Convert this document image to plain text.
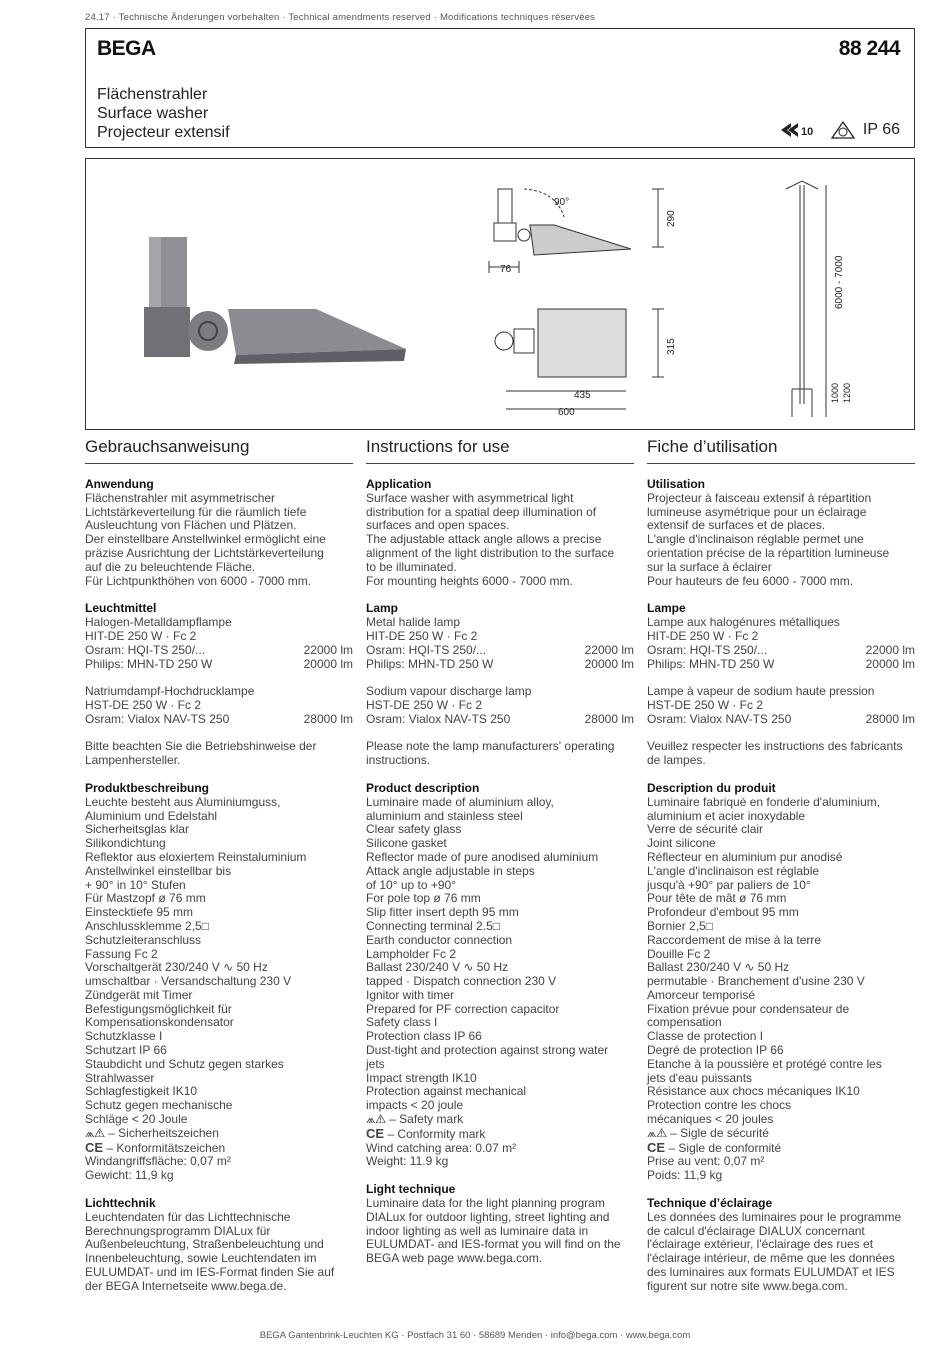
24.17 · Technische Änderungen vorbehalten · Technical amendments reserved · Modifications techniques réservées
BEGA	88 244
Flächenstrahler
Surface washer
Projecteur extensif	10	IP 66
90°
76
290
315
435
600
6000 - 7000
1000 1200
Gebrauchsanweisung
Anwendung

Flächenstrahler mit asymmetrischer

Lichtstärkeverteilung für die räumlich tiefe

Ausleuchtung von Flächen und Plätzen.

Der einstellbare Anstellwinkel ermöglicht eine

präzise Ausrichtung der Lichtstärkeverteilung

auf die zu beleuchtende Fläche.

Für Lichtpunkthöhen von 6000 - 7000 mm.

Leuchtmittel

Halogen-Metalldampflampe

HIT-DE 250 W · Fc 2

Osram: HQI-TS 250/...	22000 lm
Philips: MHN-TD 250 W	20000 lm

Natriumdampf-Hochdrucklampe

HST-DE 250 W · Fc 2

Osram: Vialox NAV-TS 250	28000 lm

Bitte beachten Sie die Betriebshinweise der

Lampenhersteller.

Produktbeschreibung

Leuchte besteht aus Aluminiumguss,

Aluminium und Edelstahl

Sicherheitsglas klar

Silikondichtung

Reflektor aus eloxiertem Reinstaluminium

Anstellwinkel einstellbar bis

+ 90° in 10° Stufen

Für Mastzopf ø 76 mm

Einstecktiefe 95 mm

Anschlussklemme 2,5□

Schutzleiteranschluss

Fassung Fc 2

Vorschaltgerät 230/240 V ∿ 50 Hz

umschaltbar · Versandschaltung 230 V

Zündgerät mit Timer

Befestigungsmöglichkeit für

Kompensationskondensator

Schutzklasse I

Schutzart IP 66

Staubdicht und Schutz gegen starkes

Strahlwasser

Schlagfestigkeit IK10

Schutz gegen mechanische

Schläge < 20 Joule

⩕⚠ – Sicherheitszeichen

CE – Konformitätszeichen

Windangriffsfläche: 0,07 m²

Gewicht: 11,9 kg

Lichttechnik

Leuchtendaten für das Lichttechnische

Berechnungsprogramm DIALux für

Außenbeleuchtung, Straßenbeleuchtung und

Innenbeleuchtung, sowie Leuchtendaten im

EULUMDAT- und im IES-Format finden Sie auf

der BEGA Internetseite www.bega.de.

Instructions for use
Application

Surface washer with asymmetrical light

distribution for a spatial deep illumination of

surfaces and open spaces.

The adjustable attack angle allows a precise

alignment of the light distribution to the surface

to be illuminated.

For mounting heights 6000 - 7000 mm.

Lamp

Metal halide lamp

HIT-DE 250 W · Fc 2

Osram: HQI-TS 250/...	22000 lm
Philips: MHN-TD 250 W	20000 lm

Sodium vapour discharge lamp

HST-DE 250 W · Fc 2

Osram: Vialox NAV-TS 250	28000 lm

Please note the lamp manufacturers' operating

instructions.

Product description

Luminaire made of aluminium alloy,

aluminium and stainless steel

Clear safety glass

Silicone gasket

Reflector made of pure anodised aluminium

Attack angle adjustable in steps

of 10° up to +90°

For pole top ø 76 mm

Slip fitter insert depth 95 mm

Connecting terminal 2.5□

Earth conductor connection

Lampholder Fc 2

Ballast 230/240 V ∿ 50 Hz

tapped · Dispatch connection 230 V

Ignitor with timer

Prepared for PF correction capacitor

Safety class I

Protection class IP 66

Dust-tight and protection against strong water

jets

Impact strength IK10

Protection against mechanical

impacts < 20 joule

⩕⚠ – Safety mark

CE – Conformity mark

Wind catching area: 0.07 m²

Weight: 11.9 kg

Light technique

Luminaire data for the light planning program

DIALux for outdoor lighting, street lighting and

indoor lighting as well as luminaire data in

EULUMDAT- and IES-format you will find on the

BEGA web page www.bega.com.

Fiche d’utilisation
Utilisation

Projecteur à faisceau extensif à répartition

lumineuse asymétrique pour un éclairage

extensif de surfaces et de places.

L'angle d'inclinaison réglable permet une

orientation précise de la répartition lumineuse

sur la surface à éclairer

Pour hauteurs de feu 6000 - 7000 mm.

Lampe

Lampe aux halogénures métalliques

HIT-DE 250 W · Fc 2

Osram: HQI-TS 250/...	22000 lm
Philips: MHN-TD 250 W	20000 lm

Lampe à vapeur de sodium haute pression

HST-DE 250 W · Fc 2

Osram: Vialox NAV-TS 250	28000 lm

Veuillez respecter les instructions des fabricants

de lampes.

Description du produit

Luminaire fabriqué en fonderie d'aluminium,

aluminium et acier inoxydable

Verre de sécurité clair

Joint silicone

Réflecteur en aluminium pur anodisé

L'angle d'inclinaison est réglable

jusqu'à +90° par paliers de 10°

Pour tête de mât ø 76 mm

Profondeur d'embout 95 mm

Bornier 2,5□

Raccordement de mise à la terre

Douille Fc 2

Ballast 230/240 V ∿ 50 Hz

permutable · Branchement d'usine 230 V

Amorceur temporisé

Fixation prévue pour condensateur de

compensation

Classe de protection I

Degré de protection IP 66

Etanche à la poussière et protégé contre les

jets d'eau puissants

Résistance aux chocs mécaniques IK10

Protection contre les chocs

mécaniques < 20 joules

⩕⚠ – Sigle de sécurité

CE – Sigle de conformité

Prise au vent: 0,07 m²

Poids: 11,9 kg

Technique d’éclairage

Les données des luminaires pour le programme

de calcul d'éclairage DIALUX concernant

l'éclairage extérieur, l'éclairage des rues et

l'éclairage intérieur, de même que les données

des luminaires aux formats EULUMDAT et IES

figurent sur notre site www.bega.com.

BEGA Gantenbrink-Leuchten KG · Postfach 31 60 · 58689 Menden · info@bega.com · www.bega.com
